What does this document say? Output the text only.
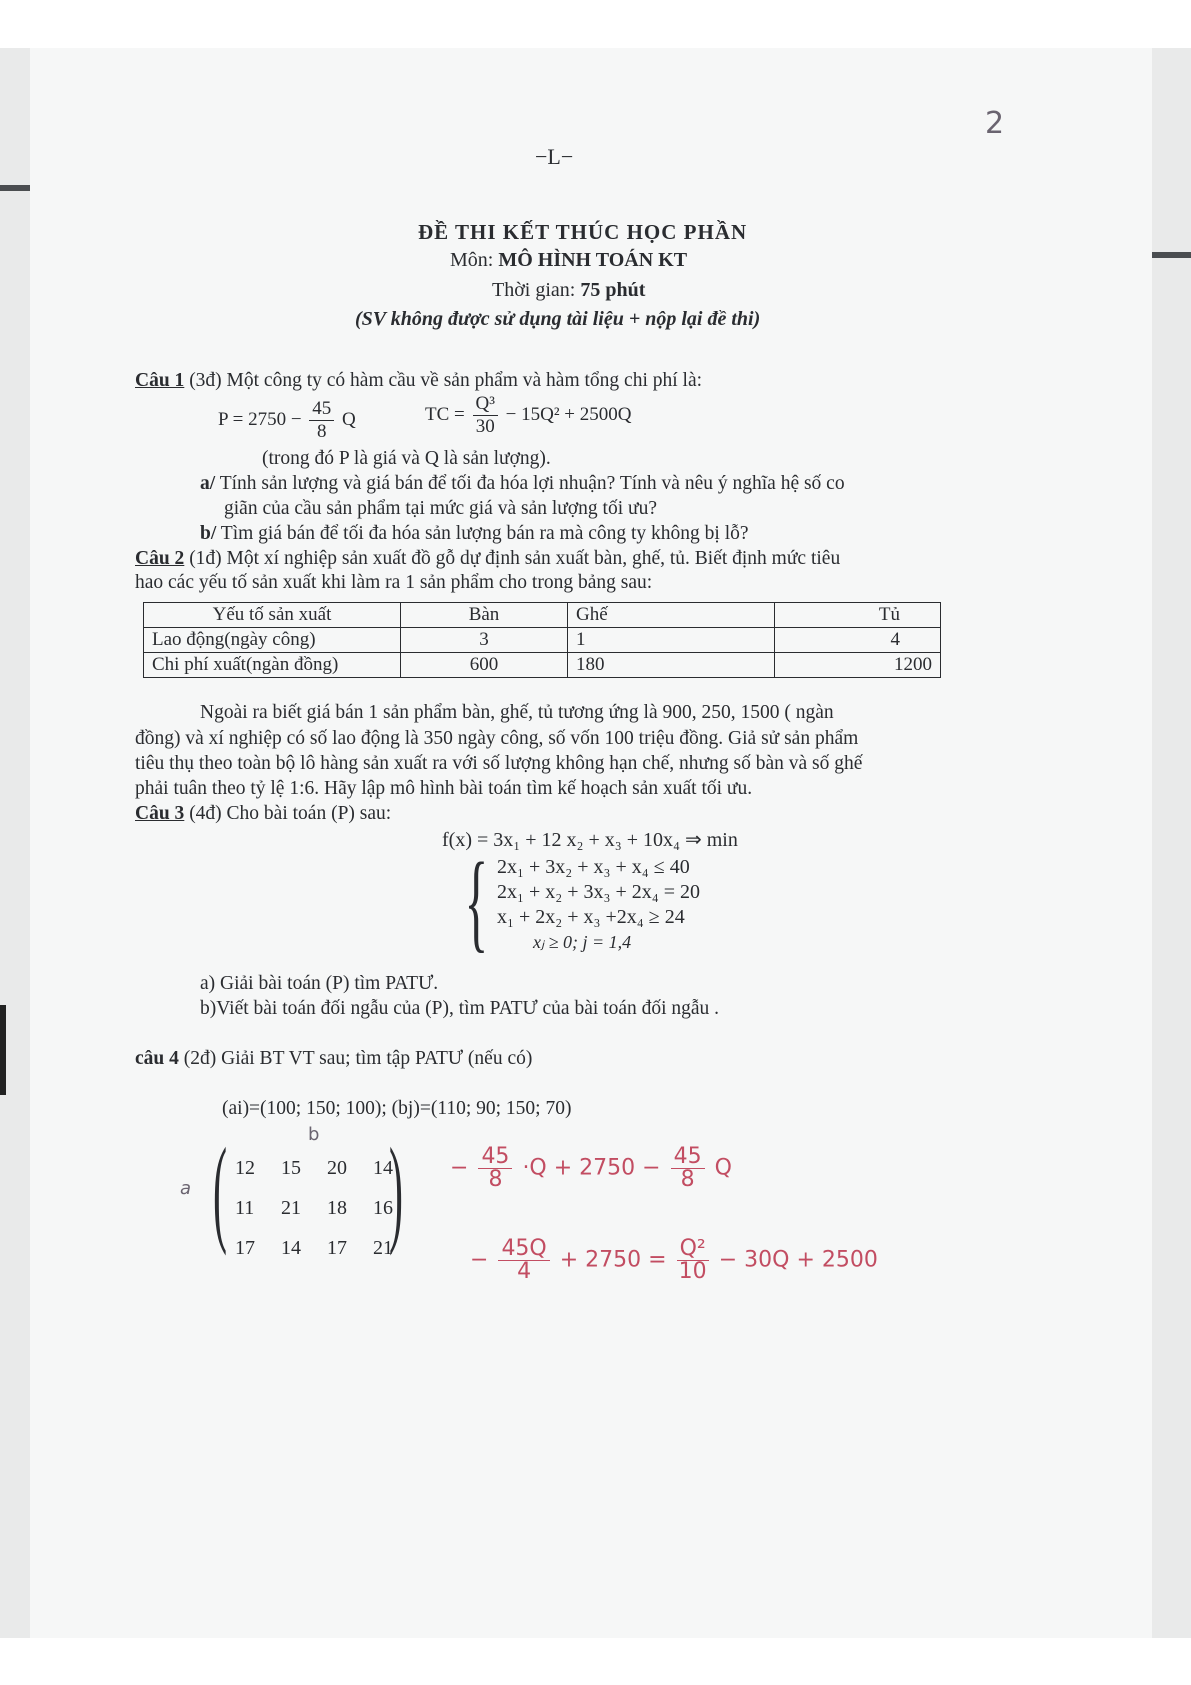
−L−
2
ĐỀ THI KẾT THÚC HỌC PHẦN
Môn: MÔ HÌNH TOÁN KT
Thời gian: 75 phút
(SV không được sử dụng tài liệu + nộp lại đề thi)
Câu 1 (3đ) Một công ty có hàm cầu về sản phẩm và hàm tổng chi phí là:
$P = 2750 - \frac{45}{8}$ Q	TC = $\frac{\text{Q³}}{30} - 15Q^2 + 2500Q$
(trong đó P là giá và Q là sản lượng).
a/ Tính sản lượng và giá bán để tối đa hóa lợi nhuận? Tính và nêu ý nghĩa hệ số co
giãn của cầu sản phẩm tại mức giá và sản lượng tối ưu?
b/ Tìm giá bán để tối đa hóa sản lượng bán ra mà công ty không bị lỗ?
Câu 2 (1đ) Một xí nghiệp sản xuất đồ gỗ dự định sản xuất bàn, ghế, tủ. Biết định mức tiêu
hao các yếu tố sản xuất khi làm ra 1 sản phẩm cho trong bảng sau:
Yếu tố sản xuất	Bàn	Ghế	Tủ
Lao động(ngày công)	3	1	4
Chi phí xuất(ngàn đồng)	600	180	1200
Ngoài ra biết giá bán 1 sản phẩm bàn, ghế, tủ tương ứng là 900, 250, 1500 ( ngàn
đồng) và xí nghiệp có số lao động là 350 ngày công, số vốn 100 triệu đồng. Giả sử sản phẩm
tiêu thụ theo toàn bộ lô hàng sản xuất ra với số lượng không hạn chế, nhưng số bàn và số ghế
phải tuân theo tỷ lệ 1:6. Hãy lập mô hình bài toán tìm kế hoạch sản xuất tối ưu.
Câu 3 (4đ) Cho bài toán (P) sau:
f(x) = 3x₁ + 12 x₂ + x₃ + 10x₄ ⇒ min
{ 2x₁ + 3x₂ + x₃ + x₄ ≤ 40
2x₁ + x₂ + 3x₃ + 2x₄ = 20
x₁ + 2x₂ + x₃ +2x₄ ≥ 24
xⱼ ≥ 0; j = 1,4
a) Giải bài toán (P) tìm PATƯ.
b)Viết bài toán đối ngẫu của (P), tìm PATƯ của bài toán đối ngẫu .
câu 4 (2đ) Giải BT VT sau; tìm tập PATƯ (nếu có)
(ai)=(100; 150; 100); (bj)=(110; 90; 150; 70)
b
a ( )
12 15 20 14
11 21 18 16
17 14 17 21
− $\frac{45}{8} \cdot Q + 2750 - \frac{45}{8}$ Q
− $\frac{45Q}{4} + 2750 = \frac{\text{Q²}}{10} - 30Q + 2500$
